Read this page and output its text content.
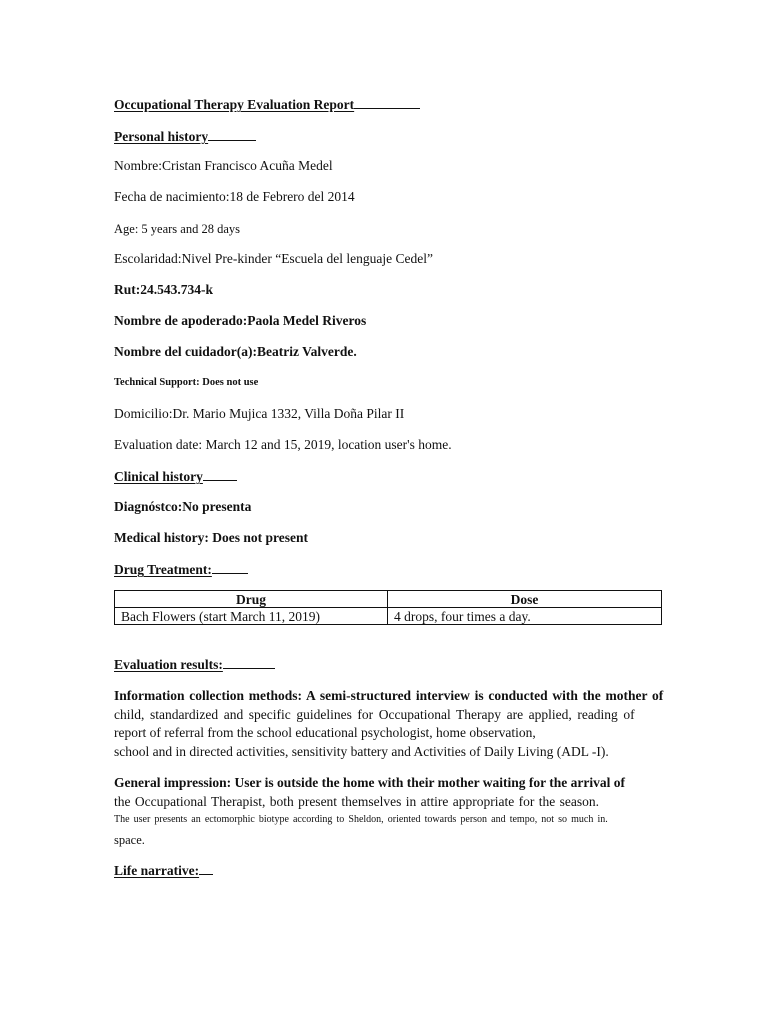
Occupational Therapy Evaluation Report
Personal history
Nombre:Cristan Francisco Acuña Medel
Fecha de nacimiento:18 de Febrero del 2014
Age: 5 years and 28 days
Escolaridad:Nivel Pre-kinder “Escuela del lenguaje Cedel”
Rut:24.543.734-k
Nombre de apoderado:Paola Medel Riveros
Nombre del cuidador(a):Beatriz Valverde.
Technical Support: Does not use
Domicilio:Dr. Mario Mujica 1332, Villa Doña Pilar II
Evaluation date: March 12 and 15, 2019, location user's home.
Clinical history
Diagnóstco:No presenta
Medical history: Does not present
Drug Treatment:
Drug	Dose
Bach Flowers (start March 11, 2019)	4 drops, four times a day.
Evaluation results:
Information collection methods: A semi-structured interview is conducted with the mother of
child, standardized and specific guidelines for Occupational Therapy are applied, reading of
report of referral from the school educational psychologist, home observation,
school and in directed activities, sensitivity battery and Activities of Daily Living (ADL -I).
General impression: User is outside the home with their mother waiting for the arrival of
the Occupational Therapist, both present themselves in attire appropriate for the season.
The user presents an ectomorphic biotype according to Sheldon, oriented towards person and tempo, not so much in.
space.
Life narrative:
